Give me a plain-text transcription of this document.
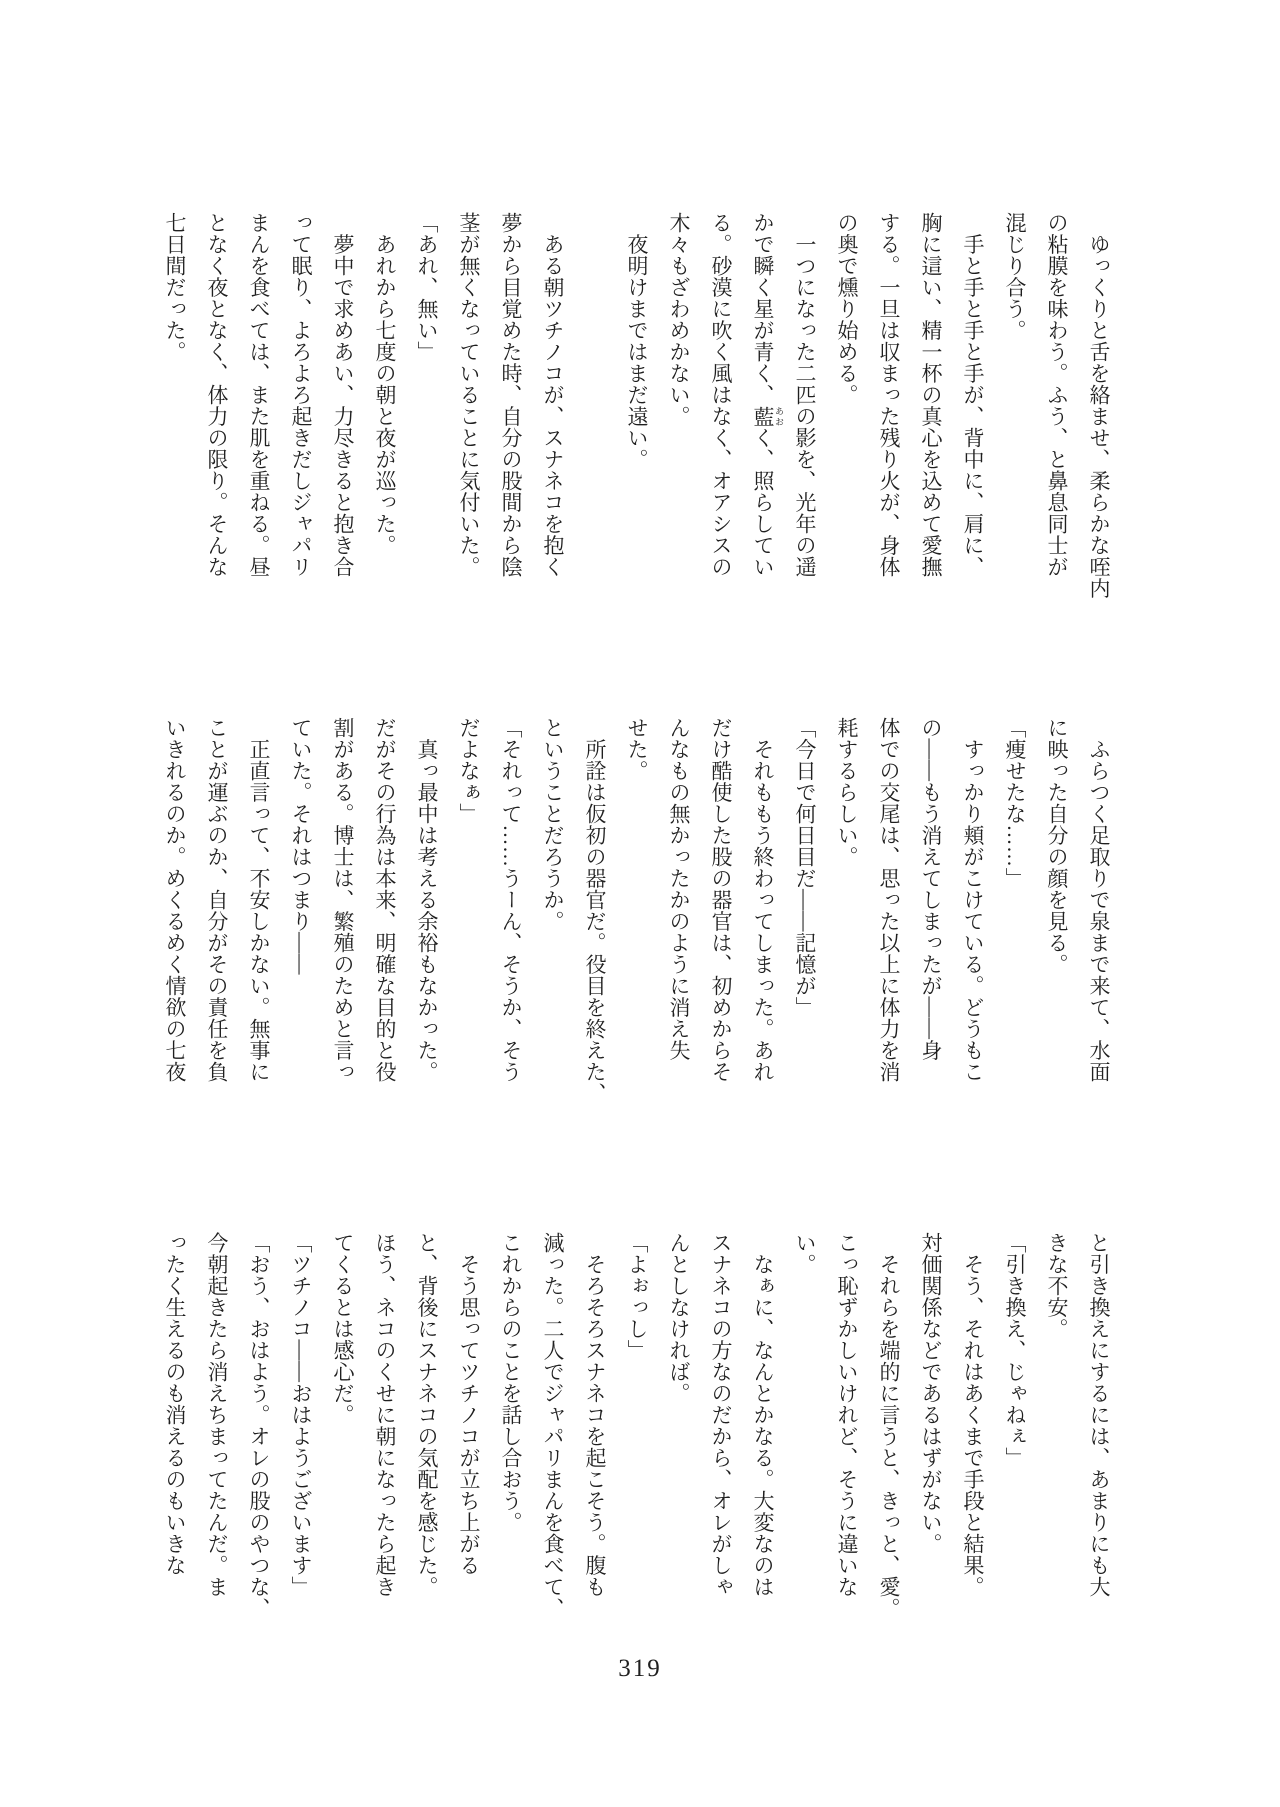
　ゆっくりと舌を絡ませ、柔らかな咥内
の粘膜を味わう。ふう、と鼻息同士が
混じり合う。
　手と手と手と手が、背中に、肩に、
胸に這い、精一杯の真心を込めて愛撫
する。一旦は収まった残り火が、身体
の奥で燻り始める。
　一つになった二匹の影を、光年の遥
かで瞬く星が青く、藍 あおく、照らしてい
る。砂漠に吹く風はなく、オアシスの
木々もざわめかない。
　夜明けまではまだ遠い。
　ある朝ツチノコが、スナネコを抱く
夢から目覚めた時、自分の股間から陰
茎が無くなっていることに気付いた。
「あれ、無い」
　あれから七度の朝と夜が巡った。
　夢中で求めあい、力尽きると抱き合
って眠り、よろよろ起きだしジャパリ
まんを食べては、また肌を重ねる。昼
となく夜となく、体力の限り。そんな
七日間だった。
　ふらつく足取りで泉まで来て、水面
に映った自分の顔を見る。
「痩せたな……」
　すっかり頬がこけている。どうもこ
の――もう消えてしまったが――身
体での交尾は、思った以上に体力を消
耗するらしい。
「今日で何日目だ――記憶が」
　それももう終わってしまった。あれ
だけ酷使した股の器官は、初めからそ
んなもの無かったかのように消え失
せた。
　所詮は仮初の器官だ。役目を終えた、
ということだろうか。
「それって……うーん、そうか、そう
だよなぁ」
　真っ最中は考える余裕もなかった。
だがその行為は本来、明確な目的と役
割がある。博士は、繁殖のためと言っ
ていた。それはつまり――
　正直言って、不安しかない。無事に
ことが運ぶのか、自分がその責任を負
いきれるのか。めくるめく情欲の七夜
と引き換えにするには、あまりにも大
きな不安。
「引き換え、じゃねぇ」
　そう、それはあくまで手段と結果。
対価関係などであるはずがない。
　それらを端的に言うと、きっと、愛。
こっ恥ずかしいけれど、そうに違いな
い。
　なぁに、なんとかなる。大変なのは
スナネコの方なのだから、オレがしゃ
んとしなければ。
「よぉっし」
　そろそろスナネコを起こそう。腹も
減った。二人でジャパリまんを食べて、
これからのことを話し合おう。
　そう思ってツチノコが立ち上がる
と、背後にスナネコの気配を感じた。
ほう、ネコのくせに朝になったら起き
てくるとは感心だ。
「ツチノコ――おはようございます」
「おう、おはよう。オレの股のやつな、
今朝起きたら消えちまってたんだ。ま
ったく生えるのも消えるのもいきな
319
